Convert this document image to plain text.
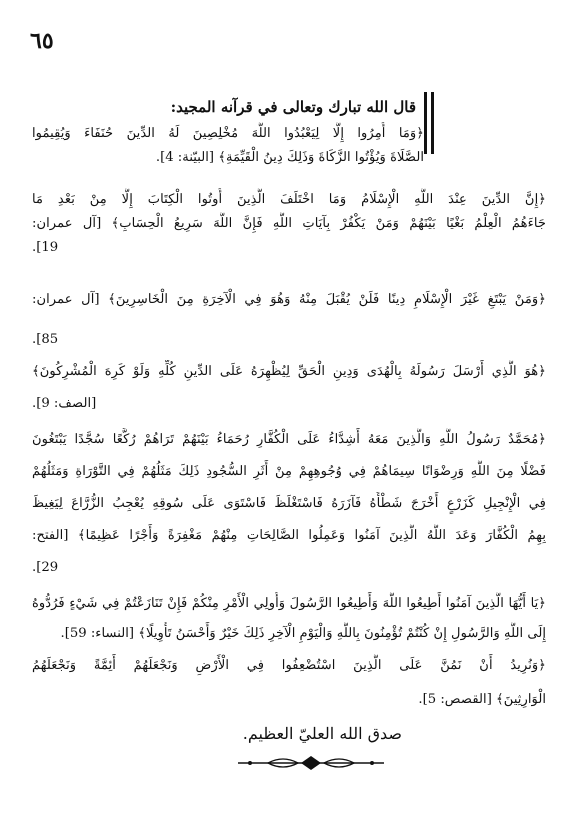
٦٥
قال الله تبارك وتعالى في قرآنه المجيد:
﴿وَمَا أُمِرُوا إِلَّا لِيَعْبُدُوا اللَّهَ مُخْلِصِينَ لَهُ الدِّينَ حُنَفَاءَ وَيُقِيمُوا
الصَّلَاةَ وَيُؤْتُوا الزَّكَاةَ وَذَلِكَ دِينُ الْقَيِّمَةِ﴾ [البيّنة: 4].
﴿إِنَّ الدِّينَ عِنْدَ اللَّهِ الْإِسْلَامُ وَمَا اخْتَلَفَ الَّذِينَ أُوتُوا الْكِتَابَ إِلَّا مِنْ بَعْدِ مَا
جَاءَهُمُ الْعِلْمُ بَغْيًا بَيْنَهُمْ وَمَنْ يَكْفُرْ بِآيَاتِ اللَّهِ فَإِنَّ اللَّهَ سَرِيعُ الْحِسَابِ﴾ [آل عمران:
19].
﴿وَمَنْ يَبْتَغِ غَيْرَ الْإِسْلَامِ دِينًا فَلَنْ يُقْبَلَ مِنْهُ وَهُوَ فِي الْآخِرَةِ مِنَ الْخَاسِرِينَ﴾ [آل عمران:
85].
﴿هُوَ الَّذِي أَرْسَلَ رَسُولَهُ بِالْهُدَى وَدِينِ الْحَقِّ لِيُظْهِرَهُ عَلَى الدِّينِ كُلِّهِ وَلَوْ كَرِهَ الْمُشْرِكُونَ﴾
[الصف: 9].
﴿مُحَمَّدٌ رَسُولُ اللَّهِ وَالَّذِينَ مَعَهُ أَشِدَّاءُ عَلَى الْكُفَّارِ رُحَمَاءُ بَيْنَهُمْ تَرَاهُمْ رُكَّعًا سُجَّدًا يَبْتَغُونَ
فَضْلًا مِنَ اللَّهِ وَرِضْوَانًا سِيمَاهُمْ فِي وُجُوهِهِمْ مِنْ أَثَرِ السُّجُودِ ذَلِكَ مَثَلُهُمْ فِي التَّوْرَاةِ وَمَثَلُهُمْ
فِي الْإِنْجِيلِ كَزَرْعٍ أَخْرَجَ شَطْأَهُ فَآزَرَهُ فَاسْتَغْلَظَ فَاسْتَوَى عَلَى سُوقِهِ يُعْجِبُ الزُّرَّاعَ لِيَغِيظَ
بِهِمُ الْكُفَّارَ وَعَدَ اللَّهُ الَّذِينَ آمَنُوا وَعَمِلُوا الصَّالِحَاتِ مِنْهُمْ مَغْفِرَةً وَأَجْرًا عَظِيمًا﴾ [الفتح:
29].
﴿يَا أَيُّهَا الَّذِينَ آمَنُوا أَطِيعُوا اللَّهَ وَأَطِيعُوا الرَّسُولَ وَأُولِي الْأَمْرِ مِنْكُمْ فَإِنْ تَنَازَعْتُمْ فِي شَيْءٍ فَرُدُّوهُ
إِلَى اللَّهِ وَالرَّسُولِ إِنْ كُنْتُمْ تُؤْمِنُونَ بِاللَّهِ وَالْيَوْمِ الْآخِرِ ذَلِكَ خَيْرٌ وَأَحْسَنُ تَأْوِيلًا﴾ [النساء: 59].
﴿وَنُرِيدُ أَنْ نَمُنَّ عَلَى الَّذِينَ اسْتُضْعِفُوا فِي الْأَرْضِ وَنَجْعَلَهُمْ أَئِمَّةً وَنَجْعَلَهُمُ
الْوَارِثِينَ﴾ [القصص: 5].
صدق الله العليّ العظيم.
